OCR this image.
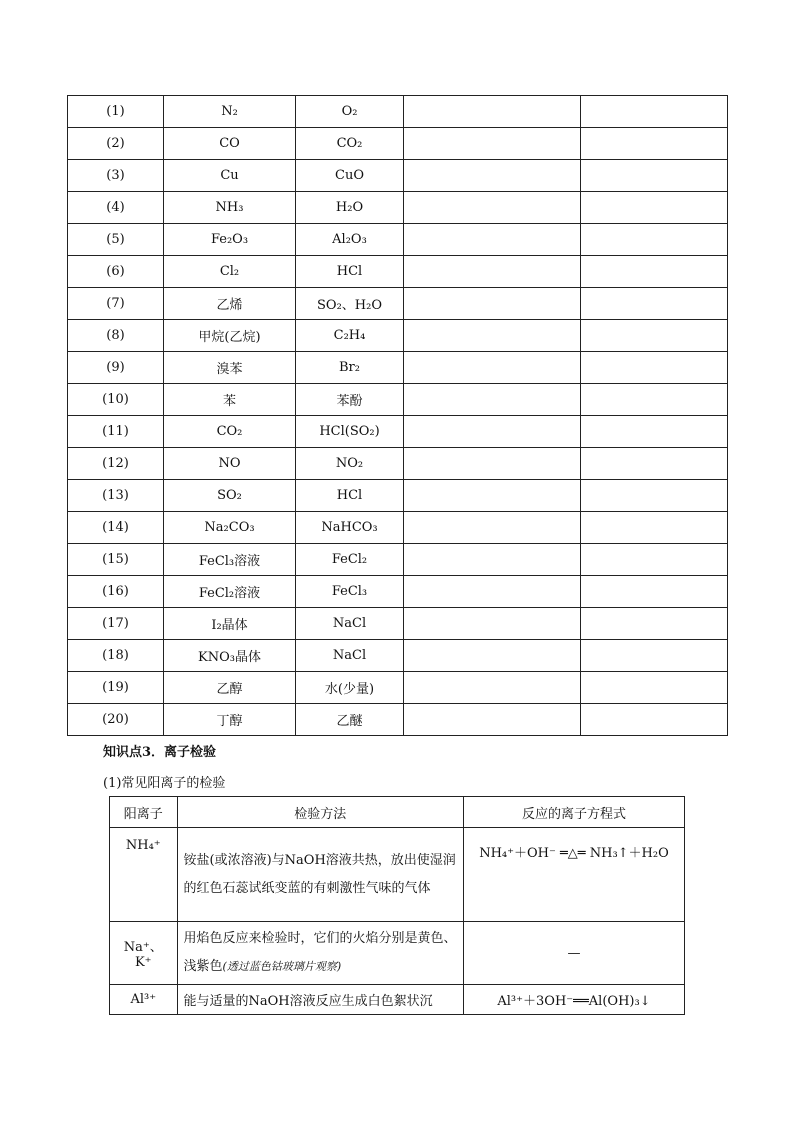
(1)	N₂	O₂		
(2)	CO	CO₂		
(3)	Cu	CuO		
(4)	NH₃	H₂O		
(5)	Fe₂O₃	Al₂O₃		
(6)	Cl₂	HCl		
(7)	乙烯	SO₂、H₂O		
(8)	甲烷(乙烷)	C₂H₄		
(9)	溴苯	Br₂		
(10)	苯	苯酚		
(11)	CO₂	HCl(SO₂)		
(12)	NO	NO₂		
(13)	SO₂	HCl		
(14)	Na₂CO₃	NaHCO₃		
(15)	FeCl₃溶液	FeCl₂		
(16)	FeCl₂溶液	FeCl₃		
(17)	I₂晶体	NaCl		
(18)	KNO₃晶体	NaCl		
(19)	乙醇	水(少量)		
(20)	丁醇	乙醚		
知识点3．离子检验
(1)常见阳离子的检验
阳离子	检验方法	反应的离子方程式
NH₄⁺	铵盐(或浓溶液)与NaOH溶液共热，放出使湿润的红色石蕊试纸变蓝的有刺激性气味的气体	NH₄⁺＋OH⁻ ═△═ NH₃↑＋H₂O
Na⁺、K⁺	用焰色反应来检验时，它们的火焰分别是黄色、浅紫色(透过蓝色钴玻璃片观察)	—
Al³⁺	能与适量的NaOH溶液反应生成白色絮状沉	Al³⁺＋3OH⁻══Al(OH)₃↓
